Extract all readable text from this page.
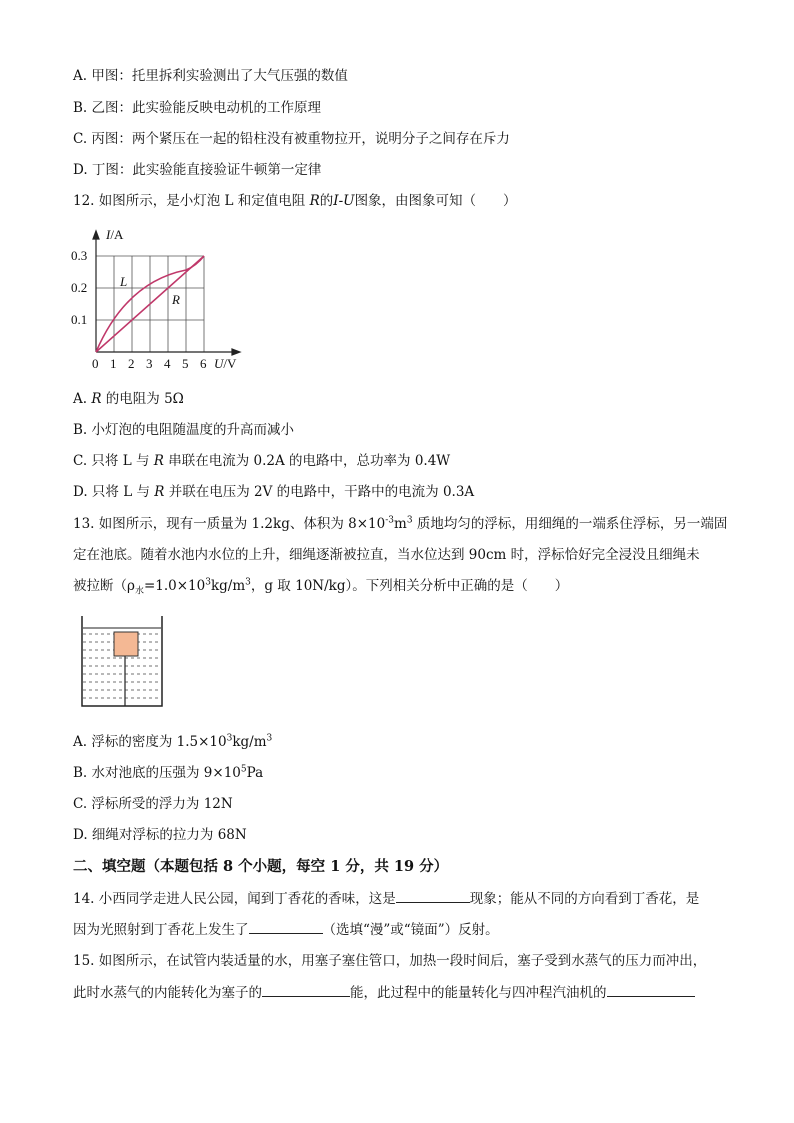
A. 甲图：托里拆利实验测出了大气压强的数值
B. 乙图：此实验能反映电动机的工作原理
C. 丙图：两个紧压在一起的铅柱没有被重物拉开，说明分子之间存在斥力
D. 丁图：此实验能直接验证牛顿第一定律
12. 如图所示，是小灯泡 L 和定值电阻 R的I-U图象，由图象可知（　　）
I/A
0.3
0.2
0.1
0 1 2 3 4 5 6 U/V
L
R
A. R 的电阻为 5Ω
B. 小灯泡的电阻随温度的升高而减小
C. 只将 L 与 R 串联在电流为 0.2A 的电路中，总功率为 0.4W
D. 只将 L 与 R 并联在电压为 2V 的电路中，干路中的电流为 0.3A
13. 如图所示，现有一质量为 1.2kg、体积为 $8\times 10^{-3}m^3$ 质地均匀的浮标，用细绳的一端系住浮标，另一端固
定在池底。随着水池内水位的上升，细绳逐渐被拉直，当水位达到 90cm 时，浮标恰好完全浸没且细绳未
被拉断（$\rho_水=1.0\times 10^3kg/m^3$，g 取 10N/kg）。下列相关分析中正确的是（　　）
A. 浮标的密度为 $1.5\times 10^3kg/m^3$
B. 水对池底的压强为 $9\times 10^5Pa$
C. 浮标所受的浮力为 12N
D. 细绳对浮标的拉力为 68N
二、填空题（本题包括 8 个小题，每空 1 分，共 19 分）
14. 小西同学走进人民公园，闻到丁香花的香味，这是	现象；能从不同的方向看到丁香花，是
因为光照射到丁香花上发生了	（选填“漫”或“镜面”）反射。
15. 如图所示，在试管内装适量的水，用塞子塞住管口，加热一段时间后，塞子受到水蒸气的压力而冲出，
此时水蒸气的内能转化为塞子的	能，此过程中的能量转化与四冲程汽油机的
